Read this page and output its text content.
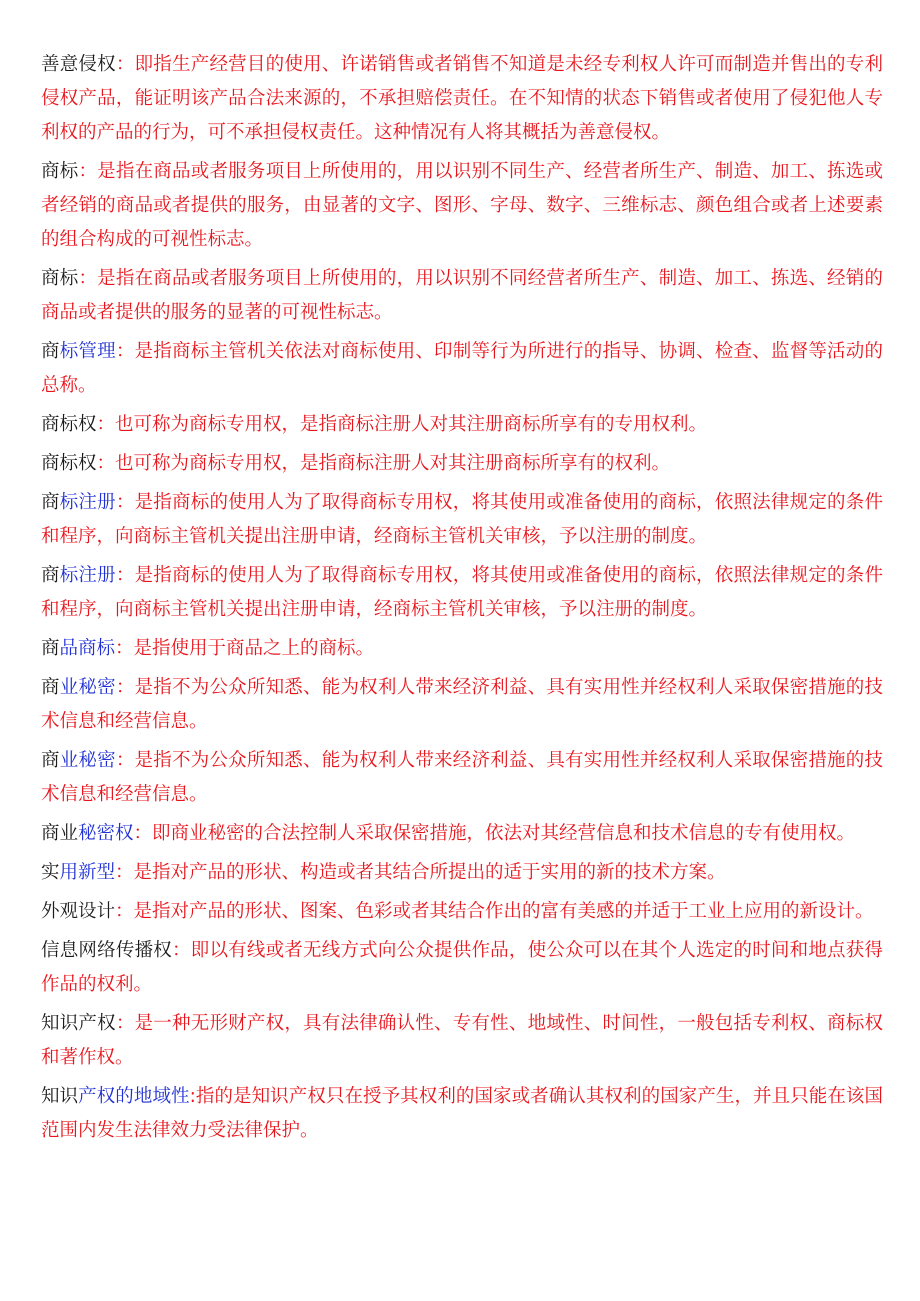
善意侵权：即指生产经营目的使用、许诺销售或者销售不知道是未经专利权人许可而制造并售出的专利侵权产品，能证明该产品合法来源的，不承担赔偿责任。在不知情的状态下销售或者使用了侵犯他人专利权的产品的行为，可不承担侵权责任。这种情况有人将其概括为善意侵权。

商标：是指在商品或者服务项目上所使用的，用以识别不同生产、经营者所生产、制造、加工、拣选或者经销的商品或者提供的服务，由显著的文字、图形、字母、数字、三维标志、颜色组合或者上述要素的组合构成的可视性标志。

商标：是指在商品或者服务项目上所使用的，用以识别不同经营者所生产、制造、加工、拣选、经销的商品或者提供的服务的显著的可视性标志。

商标管理：是指商标主管机关依法对商标使用、印制等行为所进行的指导、协调、检查、监督等活动的总称。

商标权：也可称为商标专用权，是指商标注册人对其注册商标所享有的专用权利。

商标权：也可称为商标专用权，是指商标注册人对其注册商标所享有的权利。

商标注册：是指商标的使用人为了取得商标专用权，将其使用或准备使用的商标，依照法律规定的条件和程序，向商标主管机关提出注册申请，经商标主管机关审核，予以注册的制度。

商标注册：是指商标的使用人为了取得商标专用权，将其使用或准备使用的商标，依照法律规定的条件和程序，向商标主管机关提出注册申请，经商标主管机关审核，予以注册的制度。

商品商标：是指使用于商品之上的商标。

商业秘密：是指不为公众所知悉、能为权利人带来经济利益、具有实用性并经权利人采取保密措施的技术信息和经营信息。

商业秘密：是指不为公众所知悉、能为权利人带来经济利益、具有实用性并经权利人采取保密措施的技术信息和经营信息。

商业秘密权：即商业秘密的合法控制人采取保密措施，依法对其经营信息和技术信息的专有使用权。

实用新型：是指对产品的形状、构造或者其结合所提出的适于实用的新的技术方案。

外观设计：是指对产品的形状、图案、色彩或者其结合作出的富有美感的并适于工业上应用的新设计。

信息网络传播权：即以有线或者无线方式向公众提供作品，使公众可以在其个人选定的时间和地点获得作品的权利。

知识产权：是一种无形财产权，具有法律确认性、专有性、地域性、时间性，一般包括专利权、商标权和著作权。

知识产权的地域性:指的是知识产权只在授予其权利的国家或者确认其权利的国家产生，并且只能在该国范围内发生法律效力受法律保护。
